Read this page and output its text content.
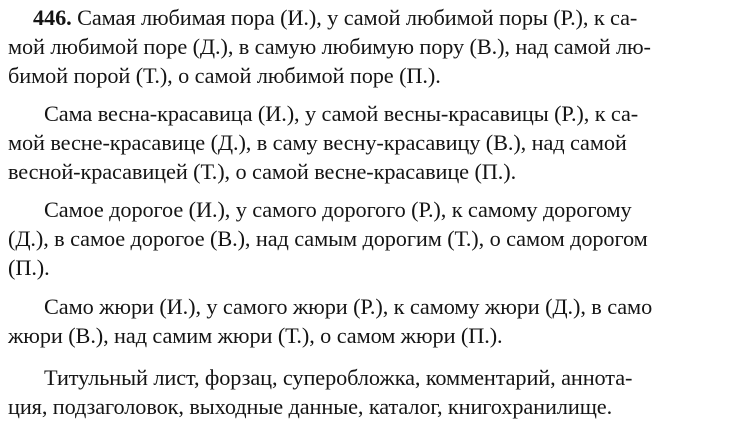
446. Самая любимая пора (И.), у самой любимой поры (Р.), к са-
мой любимой поре (Д.), в самую любимую пору (В.), над самой лю-
бимой порой (Т.), о самой любимой поре (П.).
Сама весна-красавица (И.), у самой весны-красавицы (Р.), к са-
мой весне-красавице (Д.), в саму весну-красавицу (В.), над самой
весной-красавицей (Т.), о самой весне-красавице (П.).
Самое дорогое (И.), у самого дорогого (Р.), к самому дорогому
(Д.), в самое дорогое (В.), над самым дорогим (Т.), о самом дорогом
(П.).
Само жюри (И.), у самого жюри (Р.), к самому жюри (Д.), в само
жюри (В.), над самим жюри (Т.), о самом жюри (П.).
Титульный лист, форзац, суперобложка, комментарий, аннота-
ция, подзаголовок, выходные данные, каталог, книгохранилище.
